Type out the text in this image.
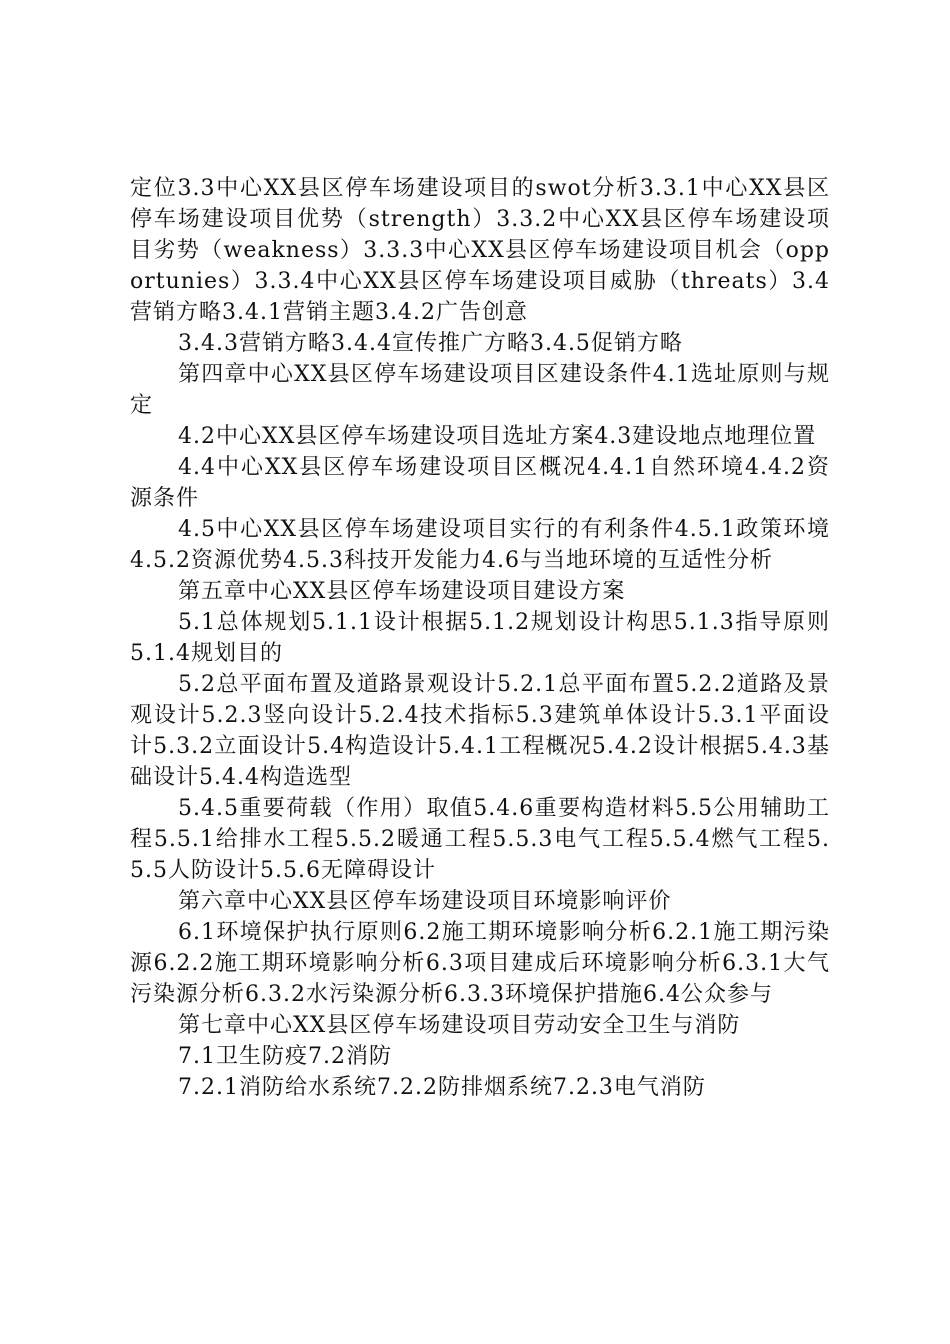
定位3.3中心XX县区停车场建设项目的swot分析3.3.1中心XX县区停车场建设项目优势（strength）3.3.2中心XX县区停车场建设项目劣势（weakness）3.3.3中心XX县区停车场建设项目机会（opportunies）3.3.4中心XX县区停车场建设项目威胁（threats）3.4营销方略3.4.1营销主题3.4.2广告创意

3.4.3营销方略3.4.4宣传推广方略3.4.5促销方略

第四章中心XX县区停车场建设项目区建设条件4.1选址原则与规定

4.2中心XX县区停车场建设项目选址方案4.3建设地点地理位置

4.4中心XX县区停车场建设项目区概况4.4.1自然环境4.4.2资源条件

4.5中心XX县区停车场建设项目实行的有利条件4.5.1政策环境4.5.2资源优势4.5.3科技开发能力4.6与当地环境的互适性分析

第五章中心XX县区停车场建设项目建设方案

5.1总体规划5.1.1设计根据5.1.2规划设计构思5.1.3指导原则5.1.4规划目的

5.2总平面布置及道路景观设计5.2.1总平面布置5.2.2道路及景观设计5.2.3竖向设计5.2.4技术指标5.3建筑单体设计5.3.1平面设计5.3.2立面设计5.4构造设计5.4.1工程概况5.4.2设计根据5.4.3基础设计5.4.4构造选型

5.4.5重要荷载（作用）取值5.4.6重要构造材料5.5公用辅助工程5.5.1给排水工程5.5.2暖通工程5.5.3电气工程5.5.4燃气工程5.5.5人防设计5.5.6无障碍设计

第六章中心XX县区停车场建设项目环境影响评价

6.1环境保护执行原则6.2施工期环境影响分析6.2.1施工期污染源6.2.2施工期环境影响分析6.3项目建成后环境影响分析6.3.1大气污染源分析6.3.2水污染源分析6.3.3环境保护措施6.4公众参与

第七章中心XX县区停车场建设项目劳动安全卫生与消防

7.1卫生防疫7.2消防

7.2.1消防给水系统7.2.2防排烟系统7.2.3电气消防
